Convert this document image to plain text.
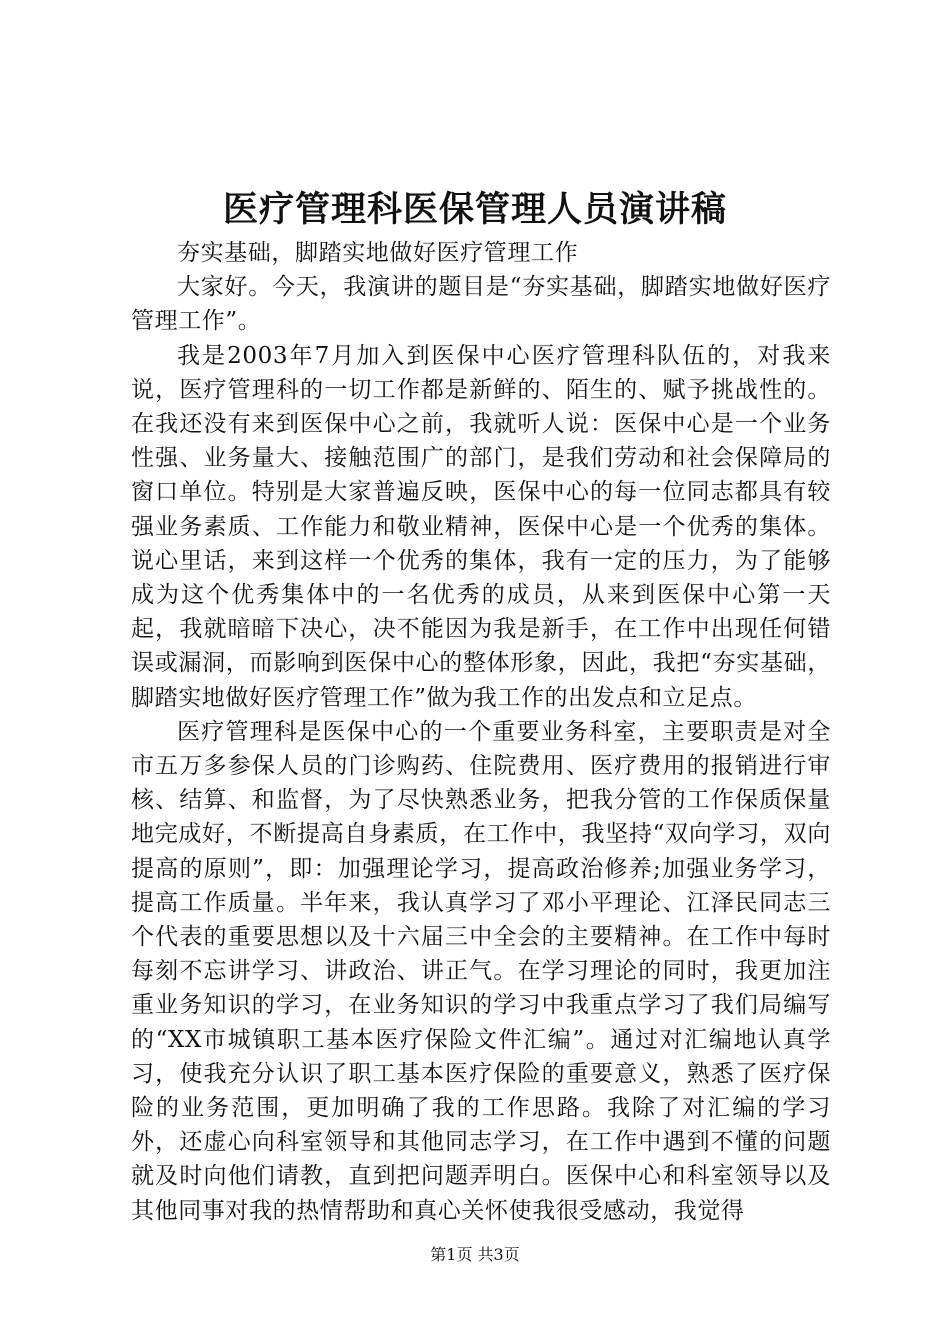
医疗管理科医保管理人员演讲稿

夯实基础，脚踏实地做好医疗管理工作

大家好。今天，我演讲的题目是“夯实基础，脚踏实地做好医疗管理工作”。

我是2003年7月加入到医保中心医疗管理科队伍的，对我来说，医疗管理科的一切工作都是新鲜的、陌生的、赋予挑战性的。在我还没有来到医保中心之前，我就听人说：医保中心是一个业务性强、业务量大、接触范围广的部门，是我们劳动和社会保障局的窗口单位。特别是大家普遍反映，医保中心的每一位同志都具有较强业务素质、工作能力和敬业精神，医保中心是一个优秀的集体。说心里话，来到这样一个优秀的集体，我有一定的压力，为了能够成为这个优秀集体中的一名优秀的成员，从来到医保中心第一天起，我就暗暗下决心，决不能因为我是新手，在工作中出现任何错误或漏洞，而影响到医保中心的整体形象，因此，我把“夯实基础，脚踏实地做好医疗管理工作”做为我工作的出发点和立足点。

医疗管理科是医保中心的一个重要业务科室，主要职责是对全市五万多参保人员的门诊购药、住院费用、医疗费用的报销进行审核、结算、和监督，为了尽快熟悉业务，把我分管的工作保质保量地完成好，不断提高自身素质，在工作中，我坚持“双向学习，双向提高的原则”，即：加强理论学习，提高政治修养;加强业务学习，提高工作质量。半年来，我认真学习了邓小平理论、江泽民同志三个代表的重要思想以及十六届三中全会的主要精神。在工作中每时每刻不忘讲学习、讲政治、讲正气。在学习理论的同时，我更加注重业务知识的学习，在业务知识的学习中我重点学习了我们局编写的“XX市城镇职工基本医疗保险文件汇编”。通过对汇编地认真学习，使我充分认识了职工基本医疗保险的重要意义，熟悉了医疗保险的业务范围，更加明确了我的工作思路。我除了对汇编的学习外，还虚心向科室领导和其他同志学习，在工作中遇到不懂的问题就及时向他们请教，直到把问题弄明白。医保中心和科室领导以及其他同事对我的热情帮助和真心关怀使我很受感动，我觉得

第1页 共3页
